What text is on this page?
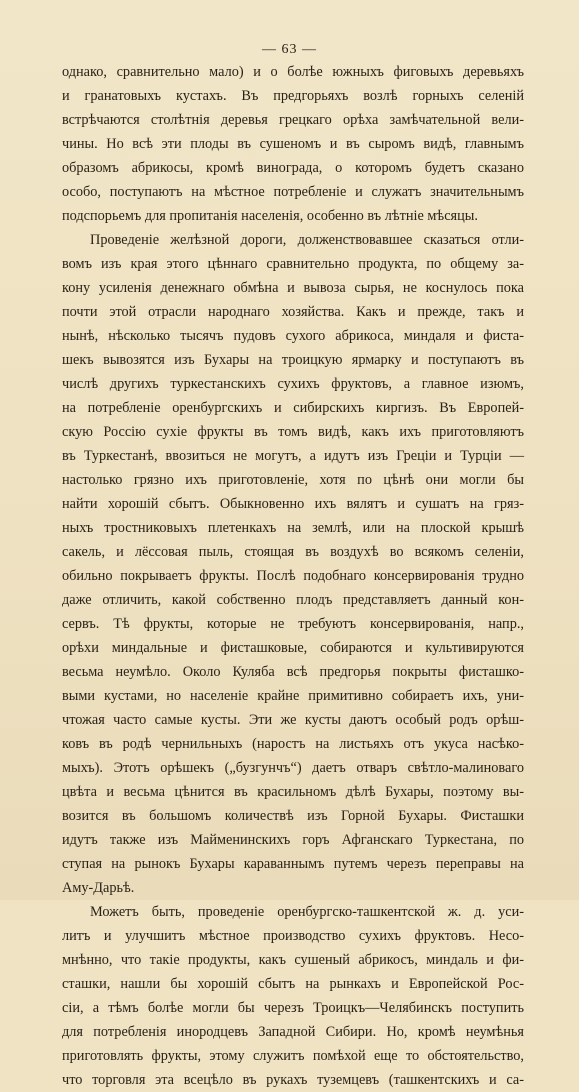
— 63 —
однако, сравнительно мало) и о болѣе южныхъ фиговыхъ деревьяхъ
и гранатовыхъ кустахъ. Въ предгорьяхъ возлѣ горныхъ селеній
встрѣчаются столѣтнія деревья грецкаго орѣха замѣчательной вели-
чины. Но всѣ эти плоды въ сушеномъ и въ сыромъ видѣ, главнымъ
образомъ абрикосы, кромѣ винограда, о которомъ будетъ сказано
особо, поступаютъ на мѣстное потребленіе и служатъ значительнымъ
подспорьемъ для пропитанія населенія, особенно въ лѣтніе мѣсяцы.
Проведеніе желѣзной дороги, долженствовавшее сказаться отли-
вомъ изъ края этого цѣннаго сравнительно продукта, по общему за-
кону усиленія денежнаго обмѣна и вывоза сырья, не коснулось пока
почти этой отрасли народнаго хозяйства. Какъ и прежде, такъ и
нынѣ, нѣсколько тысячъ пудовъ сухого абрикоса, миндаля и фиста-
шекъ вывозятся изъ Бухары на троицкую ярмарку и поступаютъ въ
числѣ другихъ туркестанскихъ сухихъ фруктовъ, а главное изюмъ,
на потребленіе оренбургскихъ и сибирскихъ киргизъ. Въ Европей-
скую Россію сухіе фрукты въ томъ видѣ, какъ ихъ приготовляютъ
въ Туркестанѣ, ввозиться не могутъ, а идутъ изъ Греціи и Турціи —
настолько грязно ихъ приготовленіе, хотя по цѣнѣ они могли бы
найти хорошій сбытъ. Обыкновенно ихъ вялятъ и сушатъ на гряз-
ныхъ тростниковыхъ плетенкахъ на землѣ, или на плоской крышѣ
сакель, и лёссовая пыль, стоящая въ воздухѣ во всякомъ селеніи,
обильно покрываетъ фрукты. Послѣ подобнаго консервированія трудно
даже отличить, какой собственно плодъ представляетъ данный кон-
сервъ. Тѣ фрукты, которые не требуютъ консервированія, напр.,
орѣхи миндальные и фисташковые, собираются и культивируются
весьма неумѣло. Около Куляба всѣ предгорья покрыты фисташко-
выми кустами, но населеніе крайне примитивно собираетъ ихъ, уни-
чтожая часто самые кусты. Эти же кусты даютъ особый родъ орѣш-
ковъ въ родѣ чернильныхъ (наростъ на листьяхъ отъ укуса насѣко-
мыхъ). Этотъ орѣшекъ („бузгунчъ“) даетъ отваръ свѣтло-малиноваго
цвѣта и весьма цѣнится въ красильномъ дѣлѣ Бухары, поэтому вы-
возится въ большомъ количествѣ изъ Горной Бухары. Фисташки
идутъ также изъ Майменинскихъ горъ Афганскаго Туркестана, по
ступая на рынокъ Бухары караваннымъ путемъ черезъ переправы на
Аму-Дарьѣ.
Можетъ быть, проведеніе оренбургско-ташкентской ж. д. уси-
литъ и улучшитъ мѣстное производство сухихъ фруктовъ. Несо-
мнѣнно, что такіе продукты, какъ сушеный абрикосъ, миндаль и фи-
сташки, нашли бы хорошій сбытъ на рынкахъ и Европейской Рос-
сіи, а тѣмъ болѣе могли бы черезъ Троицкъ—Челябинскъ поступить
для потребленія инородцевъ Западной Сибири. Но, кромѣ неумѣнья
приготовлять фрукты, этому служитъ помѣхой еще то обстоятельство,
что торговля эта всецѣло въ рукахъ туземцевъ (ташкентскихъ и са-
